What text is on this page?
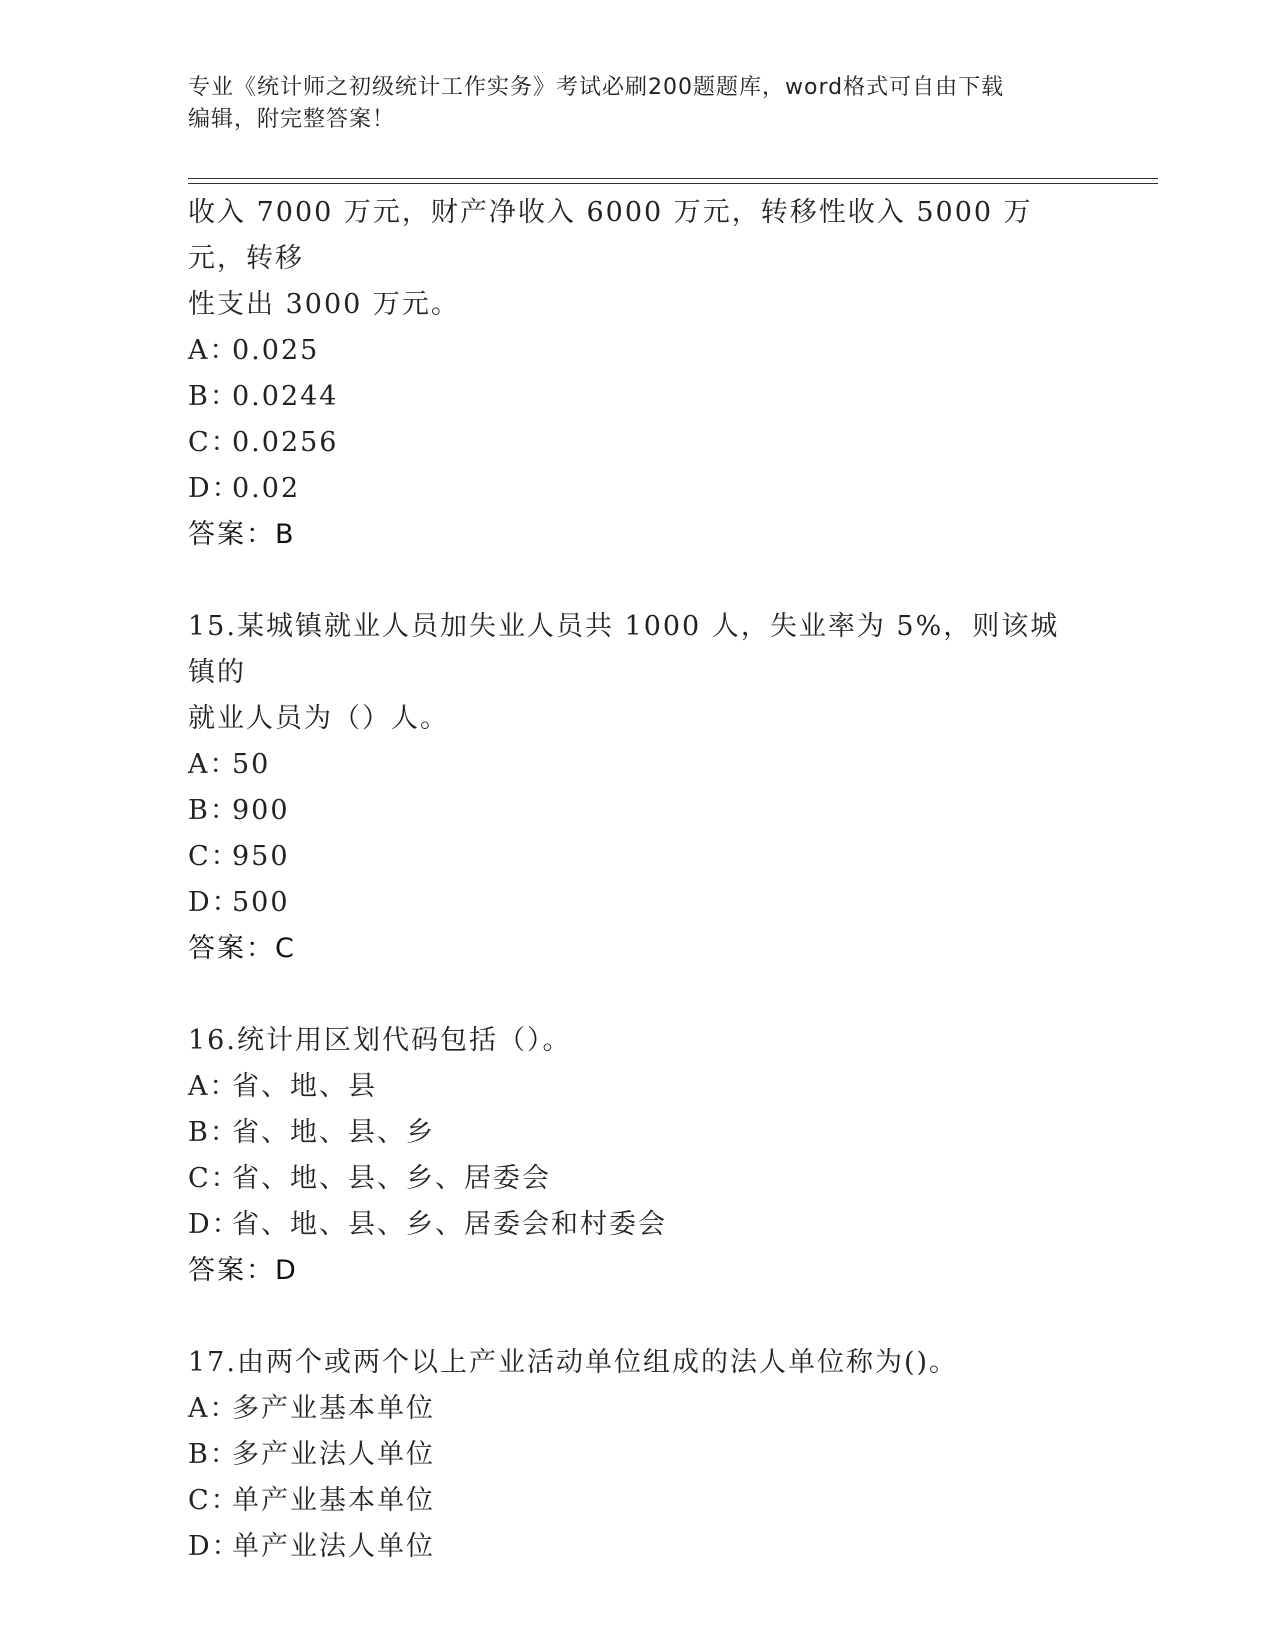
专业《统计师之初级统计工作实务》考试必刷200题题库，word格式可自由下载
编辑，附完整答案！

收入 7000 万元，财产净收入 6000 万元，转移性收入 5000 万元，转移

性支出 3000 万元。

A：0.025

B：0.0244

C：0.0256

D：0.02

答案：B

15.某城镇就业人员加失业人员共 1000 人，失业率为 5%，则该城镇的

就业人员为（）人。

A：50

B：900

C：950

D：500

答案：C

16.统计用区划代码包括（）。

A：省、地、县

B：省、地、县、乡

C：省、地、县、乡、居委会

D：省、地、县、乡、居委会和村委会

答案：D

17.由两个或两个以上产业活动单位组成的法人单位称为()。

A：多产业基本单位

B：多产业法人单位

C：单产业基本单位

D：单产业法人单位
